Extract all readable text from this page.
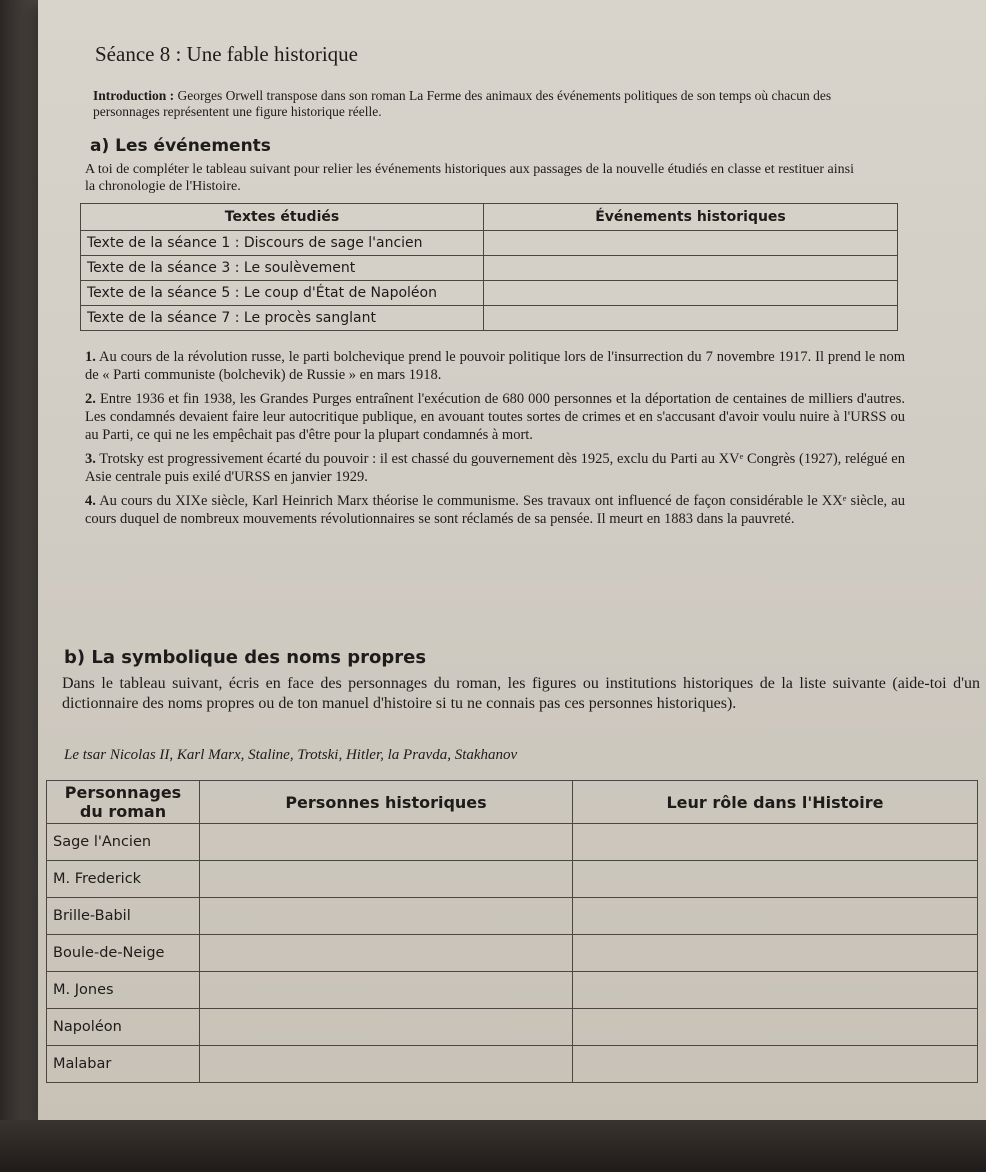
Séance 8 : Une fable historique

Introduction : Georges Orwell transpose dans son roman La Ferme des animaux des événements politiques de son temps où chacun des personnages représentent une figure historique réelle.

a) Les événements

A toi de compléter le tableau suivant pour relier les événements historiques aux passages de la nouvelle étudiés en classe et restituer ainsi la chronologie de l'Histoire.

Textes étudiés	Événements historiques
Texte de la séance 1 : Discours de sage l'ancien	
Texte de la séance 3 : Le soulèvement	
Texte de la séance 5 : Le coup d'État de Napoléon	
Texte de la séance 7 : Le procès sanglant	

1. Au cours de la révolution russe, le parti bolchevique prend le pouvoir politique lors de l'insurrection du 7 novembre 1917. Il prend le nom de « Parti communiste (bolchevik) de Russie » en mars 1918.

2. Entre 1936 et fin 1938, les Grandes Purges entraînent l'exécution de 680 000 personnes et la déportation de centaines de milliers d'autres. Les condamnés devaient faire leur autocritique publique, en avouant toutes sortes de crimes et en s'accusant d'avoir voulu nuire à l'URSS ou au Parti, ce qui ne les empêchait pas d'être pour la plupart condamnés à mort.

3. Trotsky est progressivement écarté du pouvoir : il est chassé du gouvernement dès 1925, exclu du Parti au XVᵉ Congrès (1927), relégué en Asie centrale puis exilé d'URSS en janvier 1929.

4. Au cours du XIXe siècle, Karl Heinrich Marx théorise le communisme. Ses travaux ont influencé de façon considérable le XXᵉ siècle, au cours duquel de nombreux mouvements révolutionnaires se sont réclamés de sa pensée. Il meurt en 1883 dans la pauvreté.

b) La symbolique des noms propres

Dans le tableau suivant, écris en face des personnages du roman, les figures ou institutions historiques de la liste suivante (aide-toi d'un dictionnaire des noms propres ou de ton manuel d'histoire si tu ne connais pas ces personnes historiques).

Le tsar Nicolas II, Karl Marx, Staline, Trotski, Hitler, la Pravda, Stakhanov

Personnages du roman	Personnes historiques	Leur rôle dans l'Histoire
Sage l'Ancien		
M. Frederick		
Brille-Babil		
Boule-de-Neige		
M. Jones		
Napoléon		
Malabar		
